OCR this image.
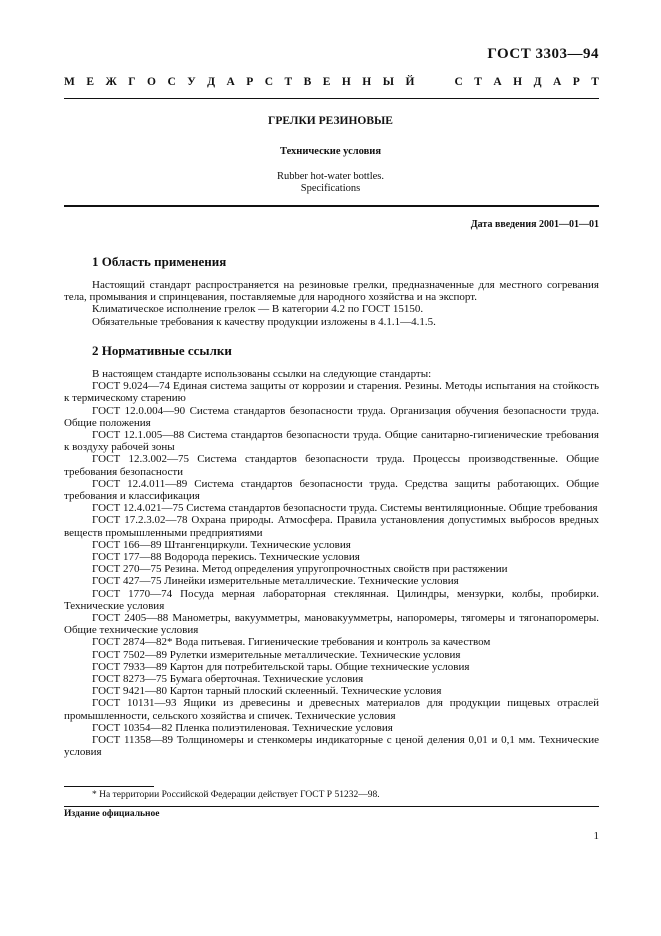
ГОСТ 3303—94
М Е Ж Г О С У Д А Р С Т В Е Н Н Ы Й

	С Т А Н Д А Р Т
ГРЕЛКИ РЕЗИНОВЫЕ
Технические условия
Rubber hot-water bottles.
Specifications
Дата введения 2001—01—01
1 Область применения

Настоящий стандарт распространяется на резиновые грелки, предназначенные для местного согревания тела, промывания и спринцевания, поставляемые для народного хозяйства и на экспорт.

Климатическое исполнение грелок — В категории 4.2 по ГОСТ 15150.

Обязательные требования к качеству продукции изложены в 4.1.1—4.1.5.

2 Нормативные ссылки

В настоящем стандарте использованы ссылки на следующие стандарты:

ГОСТ 9.024—74 Единая система защиты от коррозии и старения. Резины. Методы испытания на стойкость к термическому старению

ГОСТ 12.0.004—90 Система стандартов безопасности труда. Организация обучения безопасности труда. Общие положения

ГОСТ 12.1.005—88 Система стандартов безопасности труда. Общие санитарно-гигиенические требования к воздуху рабочей зоны

ГОСТ 12.3.002—75 Система стандартов безопасности труда. Процессы производственные. Общие требования безопасности

ГОСТ 12.4.011—89 Система стандартов безопасности труда. Средства защиты работающих. Общие требования и классификация

ГОСТ 12.4.021—75 Система стандартов безопасности труда. Системы вентиляционные. Общие требования

ГОСТ 17.2.3.02—78 Охрана природы. Атмосфера. Правила установления допустимых выбросов вредных веществ промышленными предприятиями

ГОСТ 166—89 Штангенциркули. Технические условия

ГОСТ 177—88 Водорода перекись. Технические условия

ГОСТ 270—75 Резина. Метод определения упругопрочностных свойств при растяжении

ГОСТ 427—75 Линейки измерительные металлические. Технические условия

ГОСТ 1770—74 Посуда мерная лабораторная стеклянная. Цилиндры, мензурки, колбы, пробирки. Технические условия

ГОСТ 2405—88 Манометры, вакуумметры, мановакуумметры, напоромеры, тягомеры и тягонапоромеры. Общие технические условия

ГОСТ 2874—82* Вода питьевая. Гигиенические требования и контроль за качеством

ГОСТ 7502—89 Рулетки измерительные металлические. Технические условия

ГОСТ 7933—89 Картон для потребительской тары. Общие технические условия

ГОСТ 8273—75 Бумага оберточная. Технические условия

ГОСТ 9421—80 Картон тарный плоский склеенный. Технические условия

ГОСТ 10131—93 Ящики из древесины и древесных материалов для продукции пищевых отраслей промышленности, сельского хозяйства и спичек. Технические условия

ГОСТ 10354—82 Пленка полиэтиленовая. Технические условия

ГОСТ 11358—89 Толщиномеры и стенкомеры индикаторные с ценой деления 0,01 и 0,1 мм. Технические условия

* На территории Российской Федерации действует ГОСТ Р 51232—98.
Издание официальное
1
